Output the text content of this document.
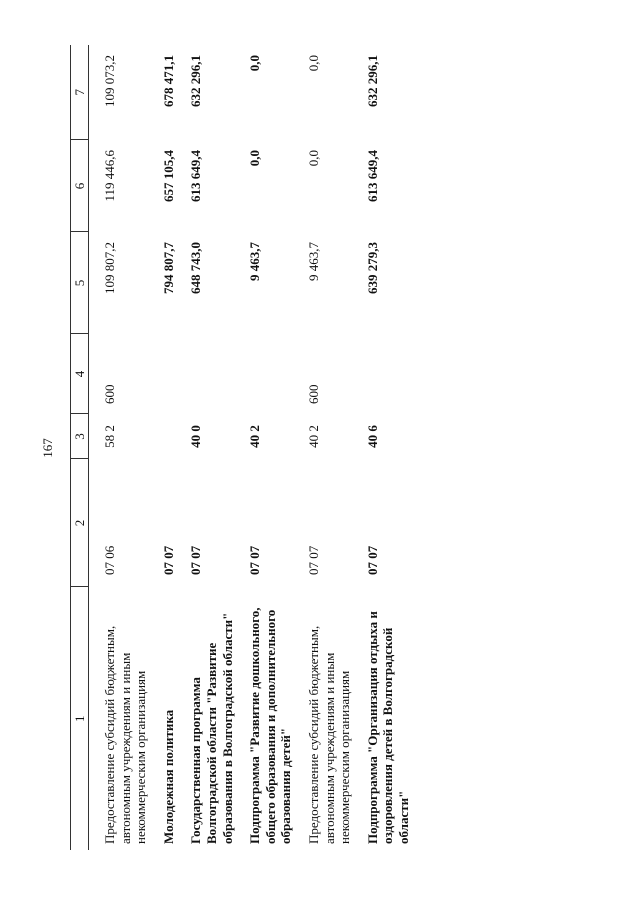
167
1	2	3	4	5	6	7
Предоставление субсидий бюджетным, автономным учреждениям и иным некоммерческим организациям	07 06	58 2	600	109 807,2	119 446,6	109 073,2
Молодежная политика	07 07			794 807,7	657 105,4	678 471,1
Государственная программа Волгоградской области "Развитие образования в Волгоградской области"	07 07	40 0		648 743,0	613 649,4	632 296,1
Подпрограмма "Развитие дошкольного, общего образования и дополнительного образования детей"	07 07	40 2		9 463,7	0,0	0,0
Предоставление субсидий бюджетным, автономным учреждениям и иным некоммерческим организациям	07 07	40 2	600	9 463,7	0,0	0,0
Подпрограмма "Организация отдыха и оздоровления детей в Волгоградской области"	07 07	40 6		639 279,3	613 649,4	632 296,1
